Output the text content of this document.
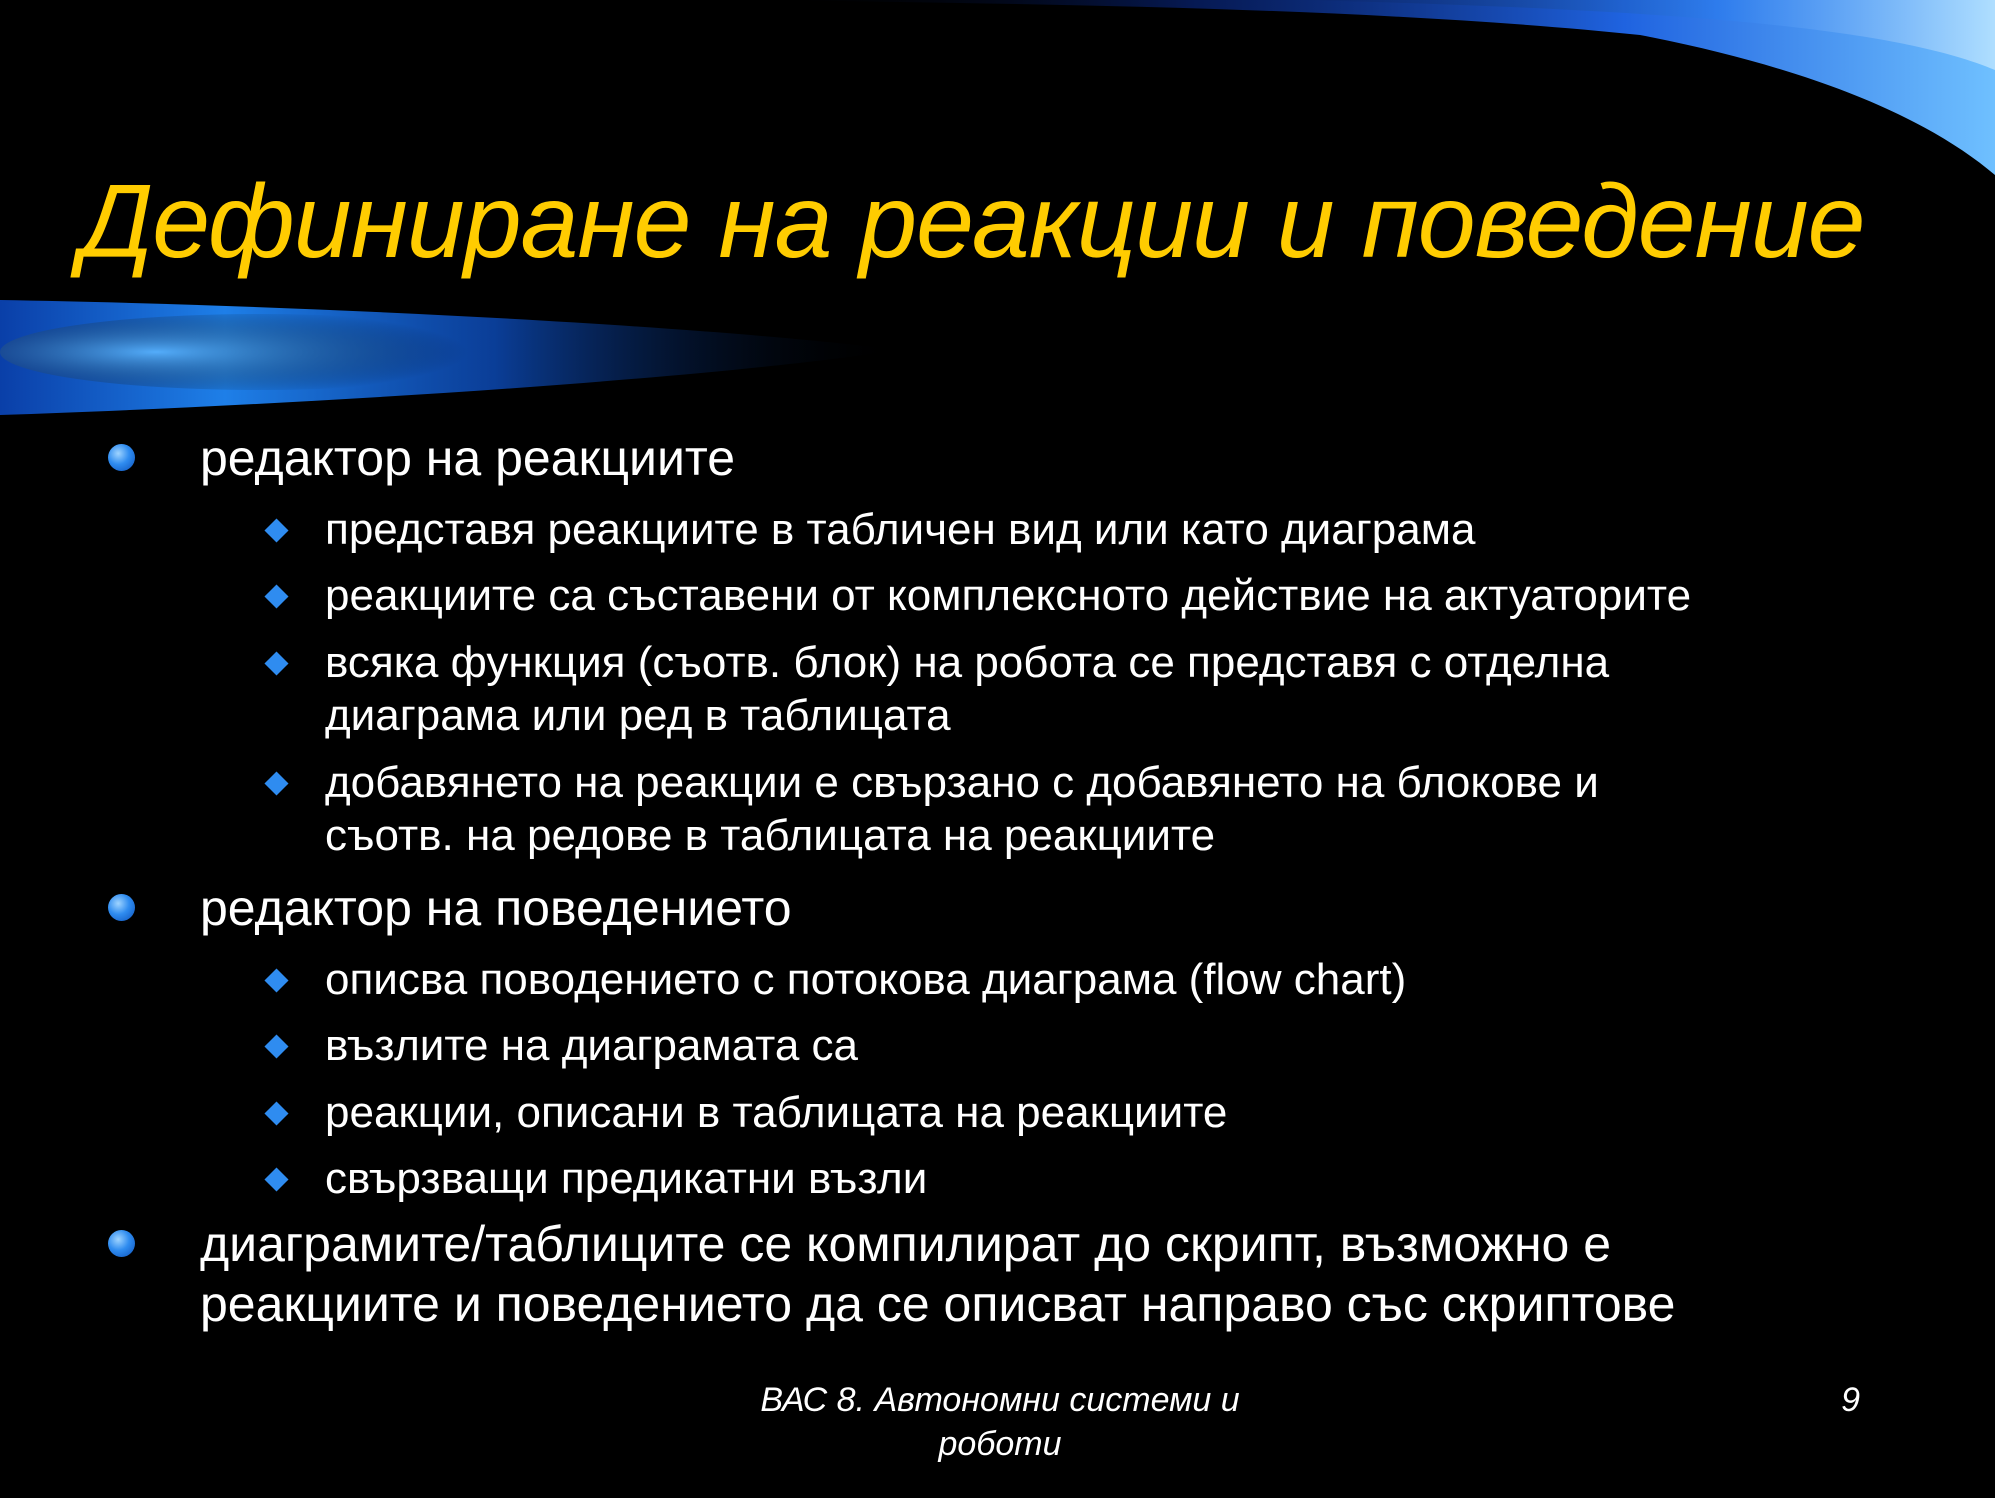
Дефиниране на реакции и поведение
редактор на реакциите
представя реакциите в табличен вид или като диаграма
реакциите са съставени от комплексното действие на актуаторите
всяка функция (съотв. блок) на робота се представя с отделна
диаграма или ред в таблицата
добавянето на реакции е свързано с добавянето на блокове и
съотв. на редове в таблицата на реакциите
редактор на поведението
описва поводението с потокова диаграма (flow chart)
възлите на диаграмата са
реакции, описани в таблицата на реакциите
свързващи предикатни възли
диаграмите/таблиците се компилират до скрипт, възможно е
реакциите и поведението да се описват направо със скриптове
ВАС 8. Автономни системи и
роботи
9
